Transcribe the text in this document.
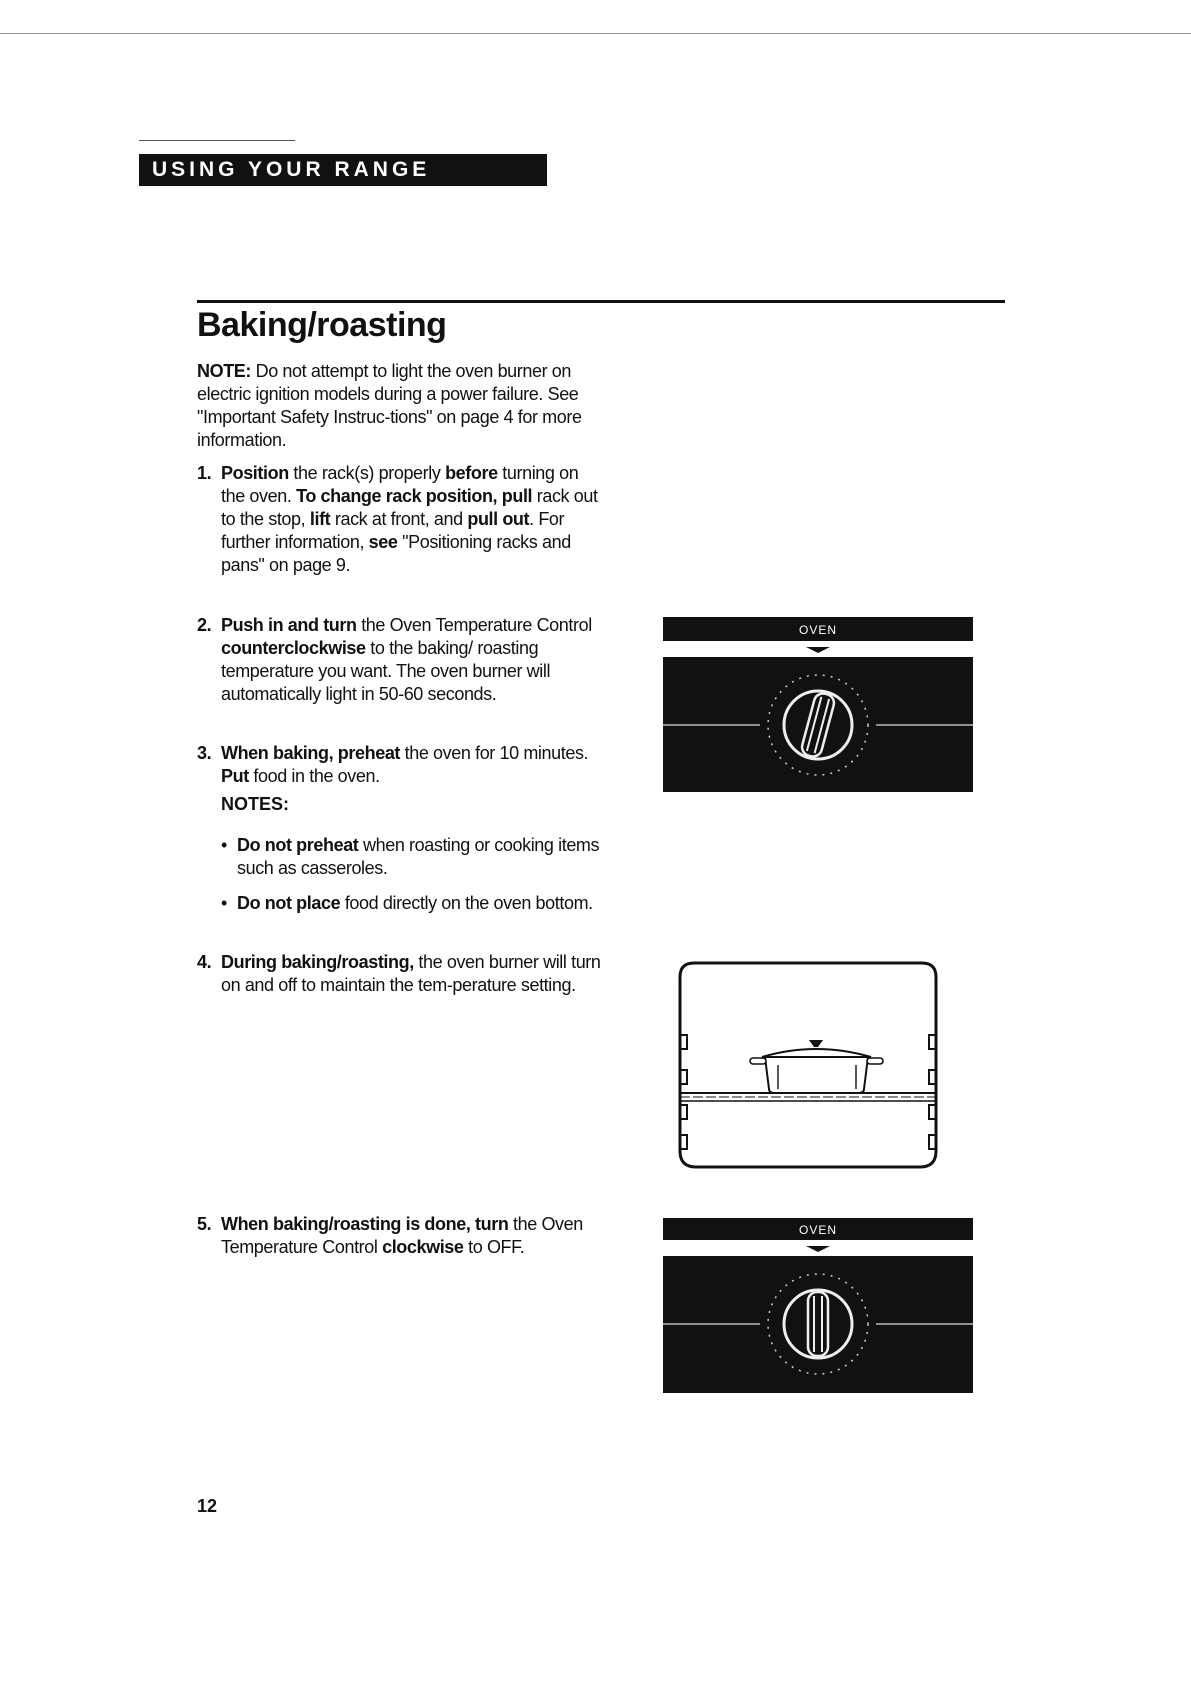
USING YOUR RANGE
Baking/roasting
NOTE: Do not attempt to light the oven burner on electric ignition models during a power failure. See "Important Safety Instruc-tions" on page 4 for more information.
1. Position the rack(s) properly before turning on the oven. To change rack position, pull rack out to the stop, lift rack at front, and pull out. For further information, see "Positioning racks and pans" on page 9.
2. Push in and turn the Oven Temperature Control counterclockwise to the baking/ roasting temperature you want. The oven burner will automatically light in 50-60 seconds.
3. When baking, preheat the oven for 10 minutes. Put food in the oven.
NOTES:
• Do not preheat when roasting or cooking items such as casseroles.
• Do not place food directly on the oven bottom.
4. During baking/roasting, the oven burner will turn on and off to maintain the tem-perature setting.
5. When baking/roasting is done, turn the Oven Temperature Control clockwise to OFF.
OVEN
OVEN
12
